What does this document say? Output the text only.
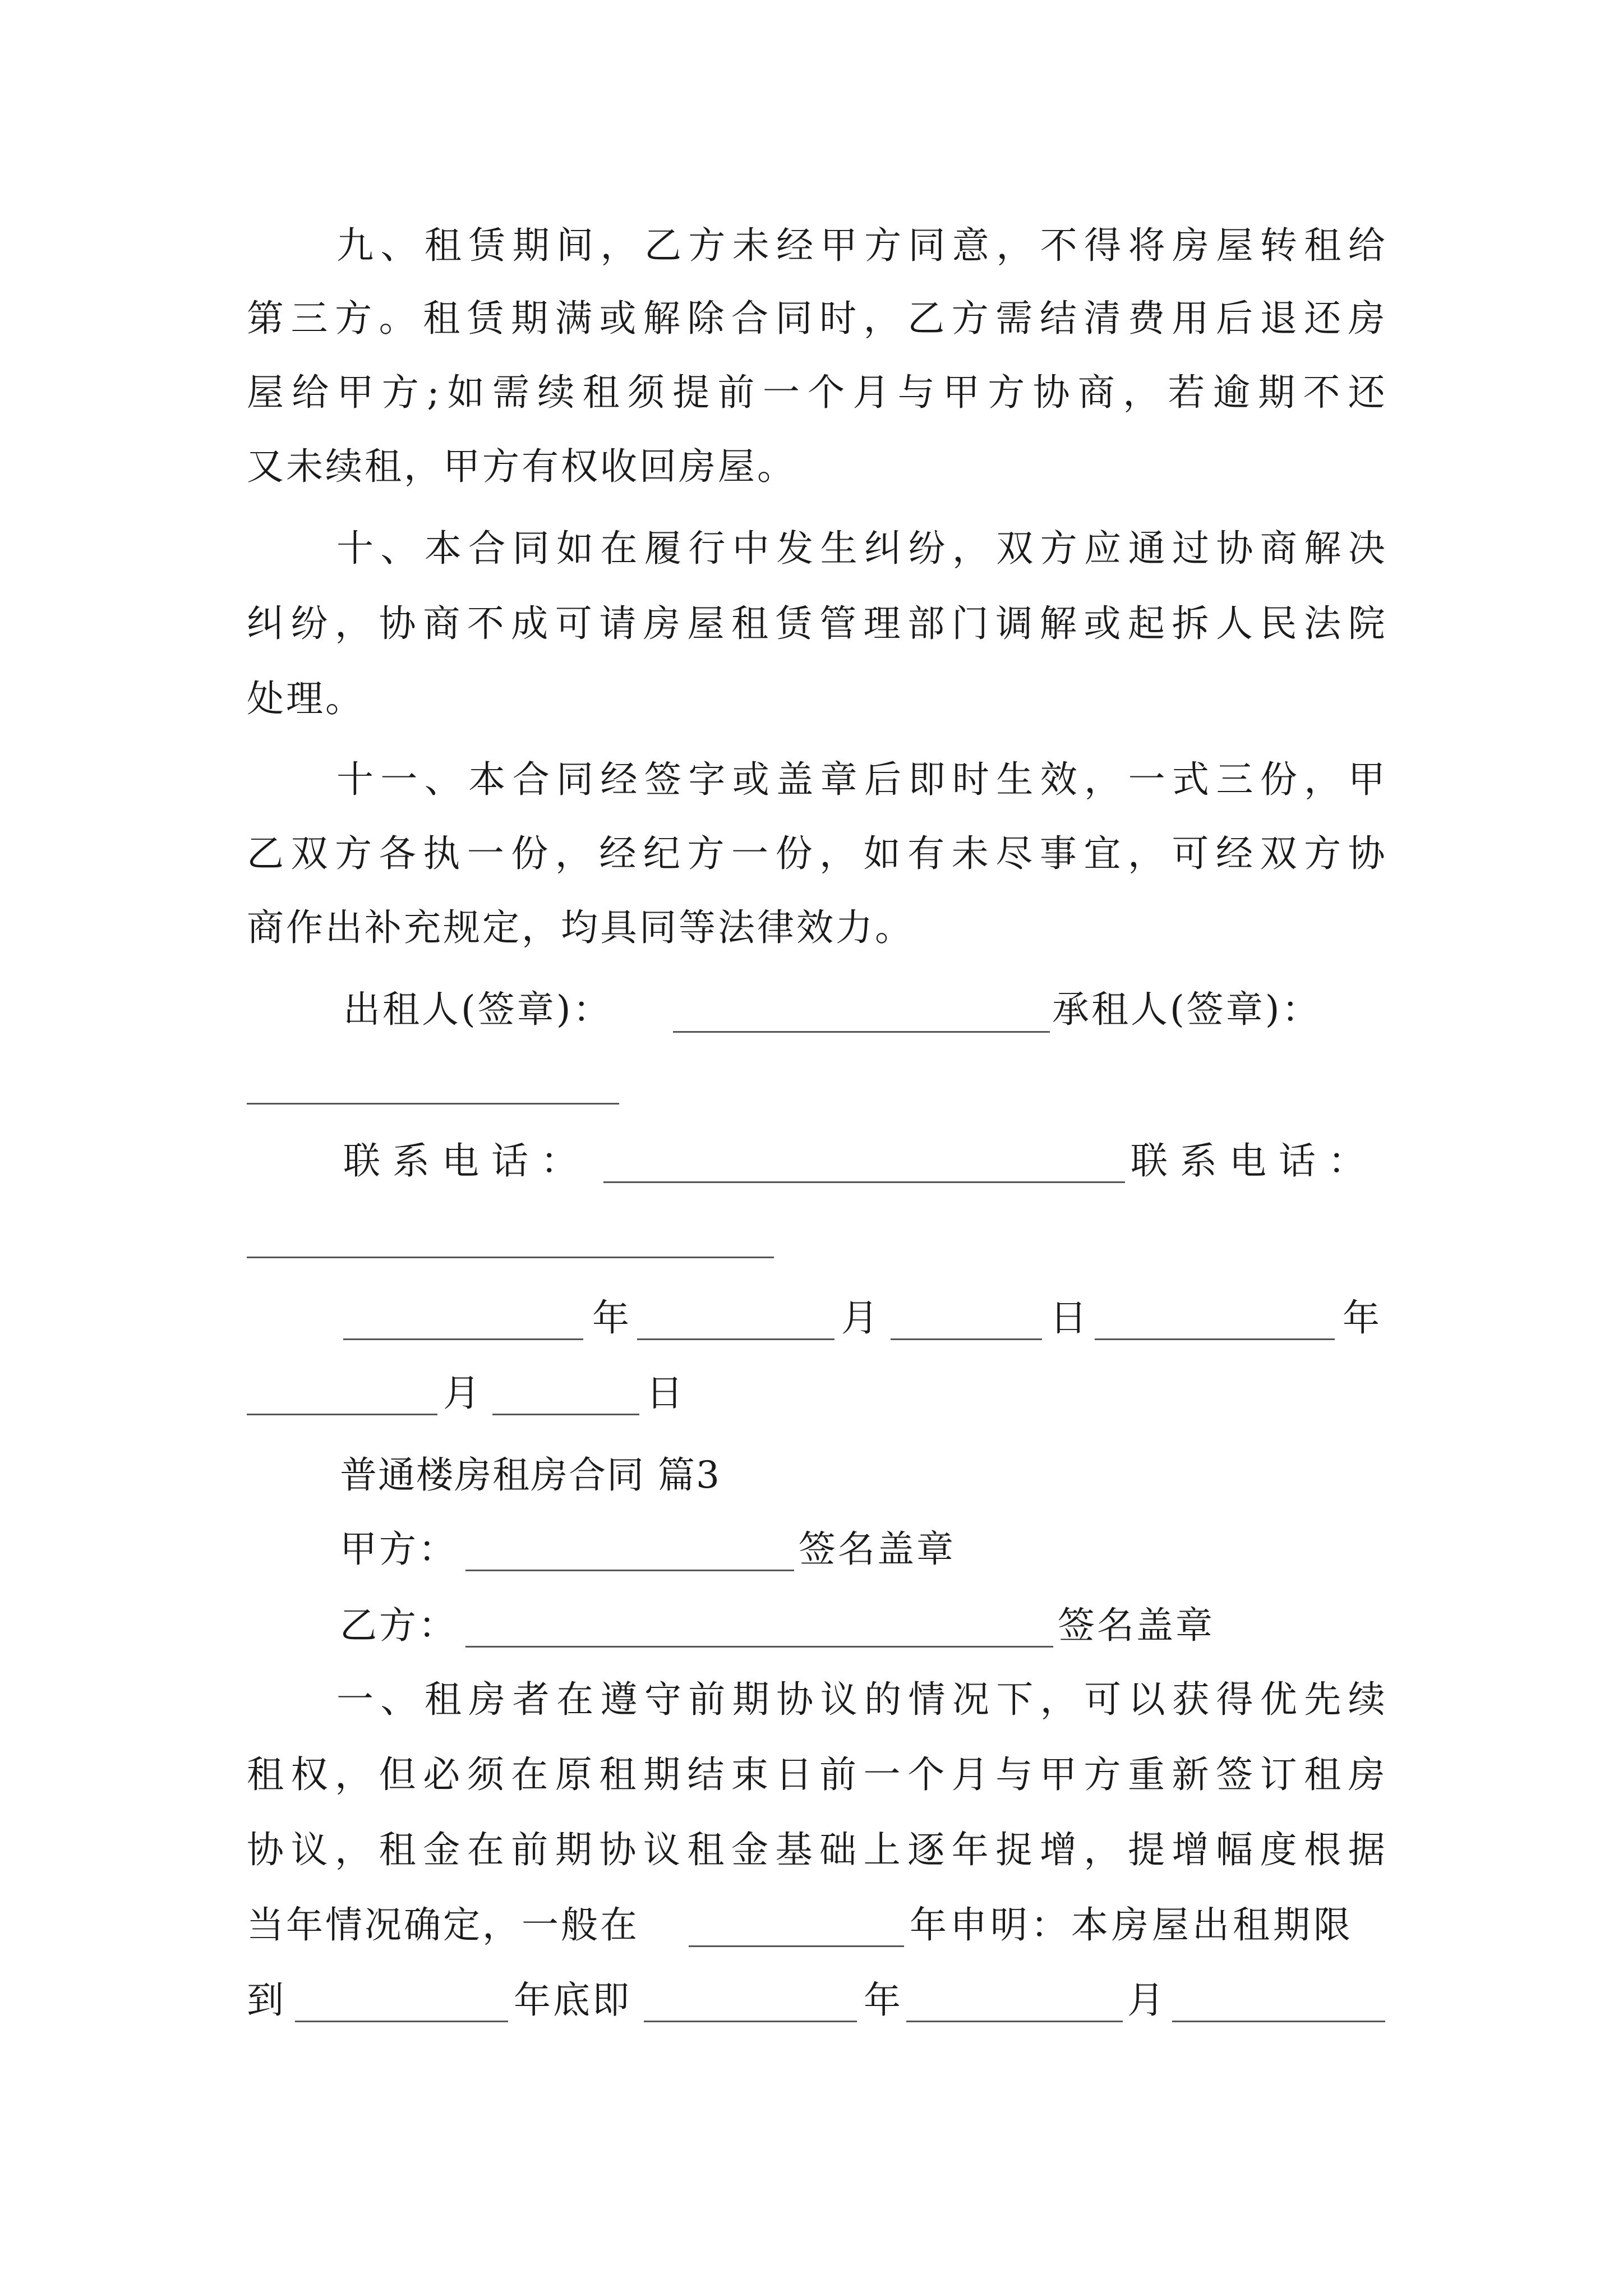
九 、 租 赁 期 间 ， 乙 方 未 经 甲 方 同 意 ， 不 得 将 房 屋 转 租 给
第 三 方 。 租 赁 期 满 或 解 除 合 同 时 ， 乙 方 需 结 清 费 用 后 退 还 房
屋 给 甲 方 ; 如 需 续 租 须 提 前 一 个 月 与 甲 方 协 商 ， 若 逾 期 不 还
又未续租，甲方有权收回房屋。
十 、 本 合 同 如 在 履 行 中 发 生 纠 纷 ， 双 方 应 通 过 协 商 解 决
纠 纷 ， 协 商 不 成 可 请 房 屋 租 赁 管 理 部 门 调 解 或 起 拆 人 民 法 院
处理。
十 一 、 本 合 同 经 签 字 或 盖 章 后 即 时 生 效 ， 一 式 三 份 ， 甲
乙 双 方 各 执 一 份 ， 经 纪 方 一 份 ， 如 有 未 尽 事 宜 ， 可 经 双 方 协
商作出补充规定，均具同等法律效力。
出租人(签章)：	承租人(签章)：
联系电话：	联系电话：
年	月	日	年
月	日
普通楼房租房合同 篇3
甲方：	签名盖章
乙方：	签名盖章
一 、 租 房 者 在 遵 守 前 期 协 议 的 情 况 下 ， 可 以 获 得 优 先 续
租 权 ， 但 必 须 在 原 租 期 结 束 日 前 一 个 月 与 甲 方 重 新 签 订 租 房
协 议 ， 租 金 在 前 期 协 议 租 金 基 础 上 逐 年 捉 增 ， 提 增 幅 度 根 据
当年情况确定，一般在	年申明：本房屋出租期限
到	年底即	年	月
